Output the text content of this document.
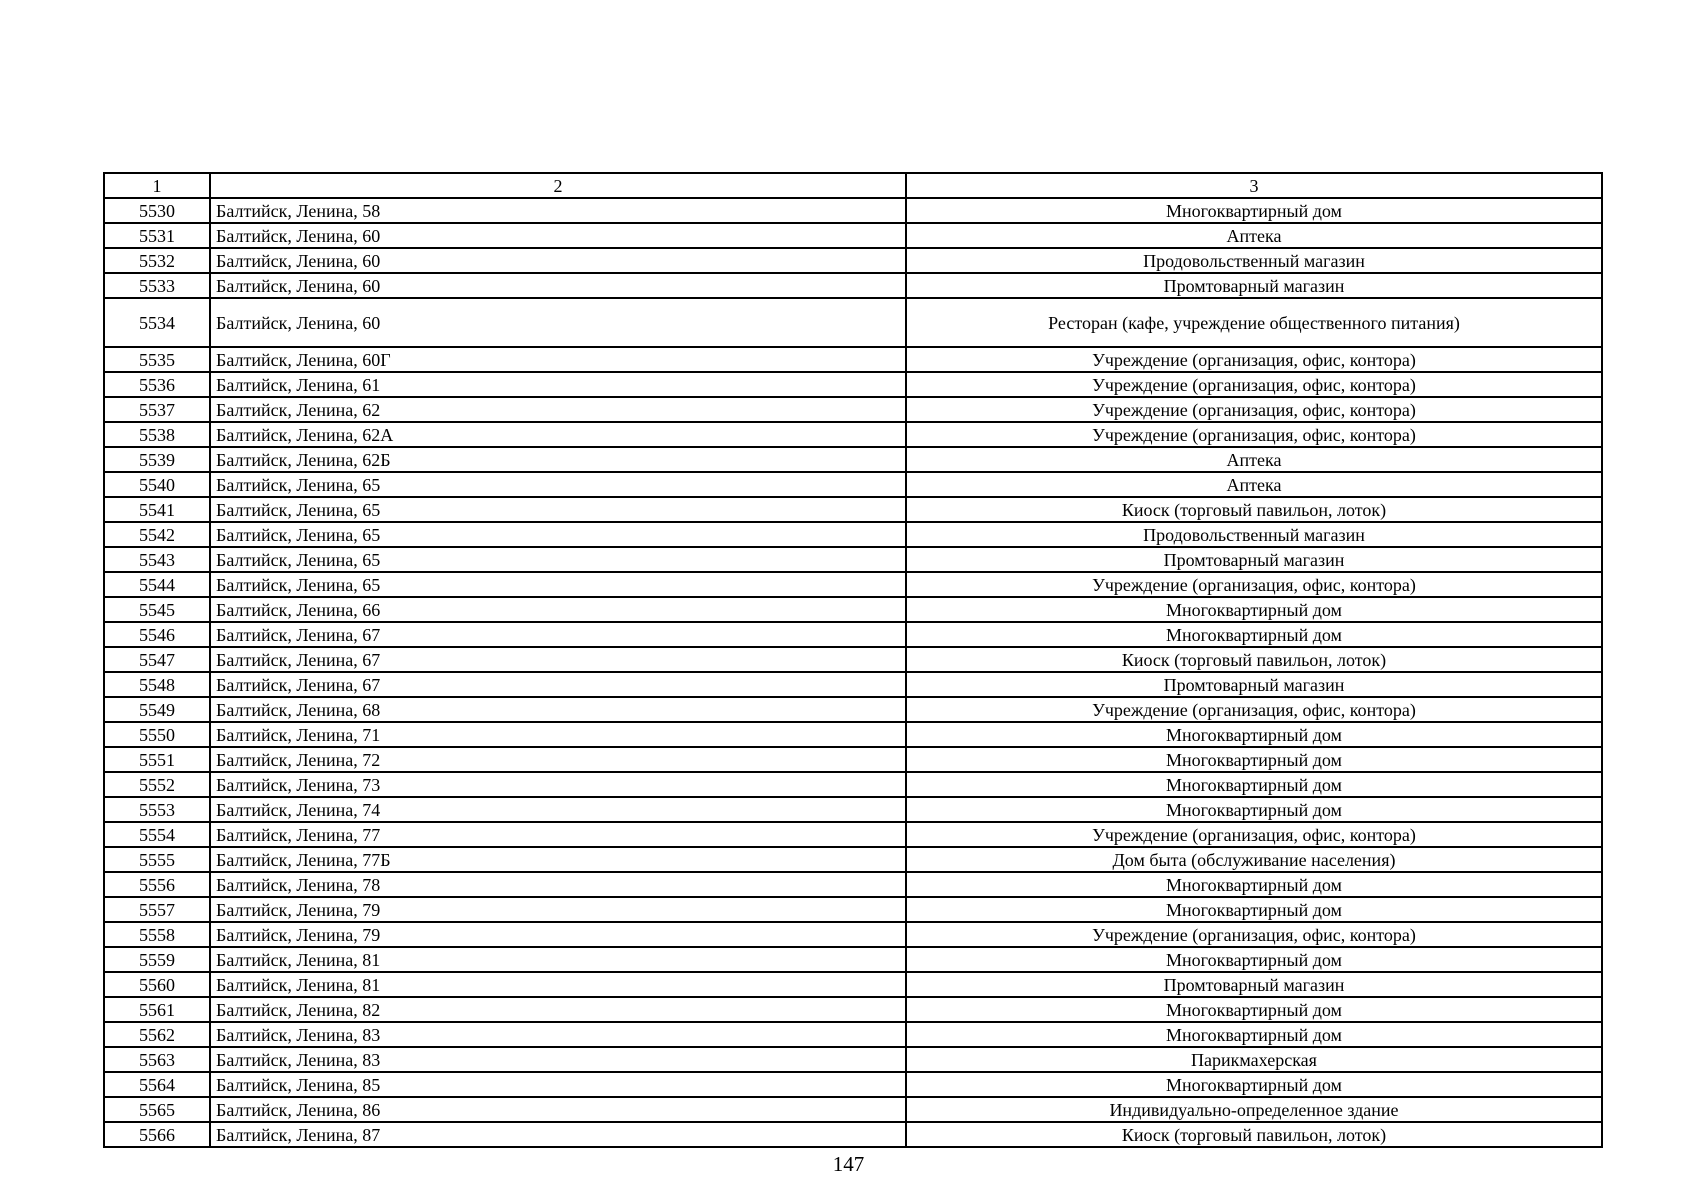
1	2	3
5530	Балтийск, Ленина, 58	Многоквартирный дом
5531	Балтийск, Ленина, 60	Аптека
5532	Балтийск, Ленина, 60	Продовольственный магазин
5533	Балтийск, Ленина, 60	Промтоварный магазин
5534	Балтийск, Ленина, 60	Ресторан (кафе, учреждение общественного питания)
5535	Балтийск, Ленина, 60Г	Учреждение (организация, офис, контора)
5536	Балтийск, Ленина, 61	Учреждение (организация, офис, контора)
5537	Балтийск, Ленина, 62	Учреждение (организация, офис, контора)
5538	Балтийск, Ленина, 62А	Учреждение (организация, офис, контора)
5539	Балтийск, Ленина, 62Б	Аптека
5540	Балтийск, Ленина, 65	Аптека
5541	Балтийск, Ленина, 65	Киоск (торговый павильон, лоток)
5542	Балтийск, Ленина, 65	Продовольственный магазин
5543	Балтийск, Ленина, 65	Промтоварный магазин
5544	Балтийск, Ленина, 65	Учреждение (организация, офис, контора)
5545	Балтийск, Ленина, 66	Многоквартирный дом
5546	Балтийск, Ленина, 67	Многоквартирный дом
5547	Балтийск, Ленина, 67	Киоск (торговый павильон, лоток)
5548	Балтийск, Ленина, 67	Промтоварный магазин
5549	Балтийск, Ленина, 68	Учреждение (организация, офис, контора)
5550	Балтийск, Ленина, 71	Многоквартирный дом
5551	Балтийск, Ленина, 72	Многоквартирный дом
5552	Балтийск, Ленина, 73	Многоквартирный дом
5553	Балтийск, Ленина, 74	Многоквартирный дом
5554	Балтийск, Ленина, 77	Учреждение (организация, офис, контора)
5555	Балтийск, Ленина, 77Б	Дом быта (обслуживание населения)
5556	Балтийск, Ленина, 78	Многоквартирный дом
5557	Балтийск, Ленина, 79	Многоквартирный дом
5558	Балтийск, Ленина, 79	Учреждение (организация, офис, контора)
5559	Балтийск, Ленина, 81	Многоквартирный дом
5560	Балтийск, Ленина, 81	Промтоварный магазин
5561	Балтийск, Ленина, 82	Многоквартирный дом
5562	Балтийск, Ленина, 83	Многоквартирный дом
5563	Балтийск, Ленина, 83	Парикмахерская
5564	Балтийск, Ленина, 85	Многоквартирный дом
5565	Балтийск, Ленина, 86	Индивидуально-определенное здание
5566	Балтийск, Ленина, 87	Киоск (торговый павильон, лоток)
147
